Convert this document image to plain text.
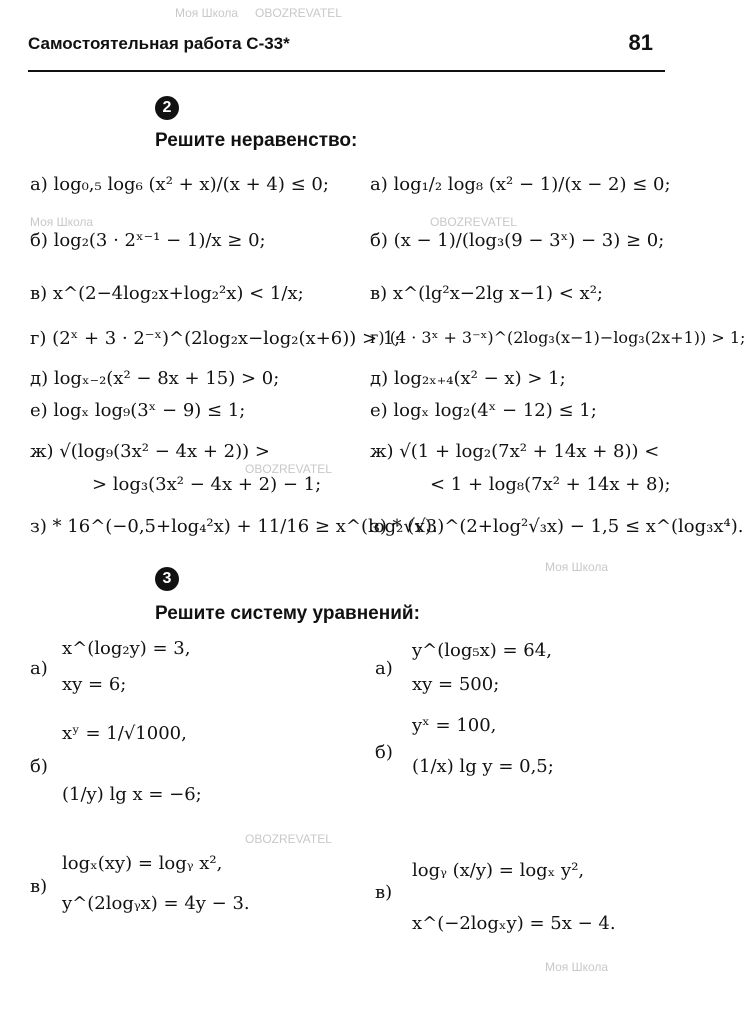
Самостоятельная работа С-33*	81
2
Решите неравенство:
а) log₀,₅ log₆ (x² + x)/(x + 4) ≤ 0;
б) log₂(3 · 2ˣ⁻¹ − 1)/x ≥ 0;
в) x^(2−4log₂x+log₂²x) < 1/x;
г) (2ˣ + 3 · 2⁻ˣ)^(2log₂x−log₂(x+6)) > 1;
д) logₓ₋₂(x² − 8x + 15) > 0;
е) logₓ log₉(3ˣ − 9) ≤ 1;
ж) √(log₉(3x² − 4x + 2)) >
> log₃(3x² − 4x + 2) − 1;
з) * 16^(−0,5+log₄²x) + 11/16 ≥ x^(log₂√x).
а) log₁/₂ log₈ (x² − 1)/(x − 2) ≤ 0;
б) (x − 1)/(log₃(9 − 3ˣ) − 3) ≥ 0;
в) x^(lg²x−2lg x−1) < x²;
г) (4 · 3ˣ + 3⁻ˣ)^(2log₃(x−1)−log₃(2x+1)) > 1;
д) log₂ₓ₊₄(x² − x) > 1;
е) logₓ log₂(4ˣ − 12) ≤ 1;
ж) √(1 + log₂(7x² + 14x + 8)) <
< 1 + log₈(7x² + 14x + 8);
з) * (√3)^(2+log²√₃x) − 1,5 ≤ x^(log₃x⁴).
3
Решите систему уравнений:
а)
x^(log₂y) = 3,
xy = 6;
б)
xʸ = 1/√1000,
(1/y) lg x = −6;
в)
logₓ(xy) = logᵧ x²,
y^(2logᵧx) = 4y − 3.
а)
y^(log₅x) = 64,
xy = 500;
б)
yˣ = 100,
(1/x) lg y = 0,5;
в)
logᵧ (x/y) = logₓ y²,
x^(−2logₓy) = 5x − 4.
Моя Школа OBOZREVATEL
Моя Школа	OBOZREVATEL
OBOZREVATEL
Моя Школа
OBOZREVATEL
Моя Школа
